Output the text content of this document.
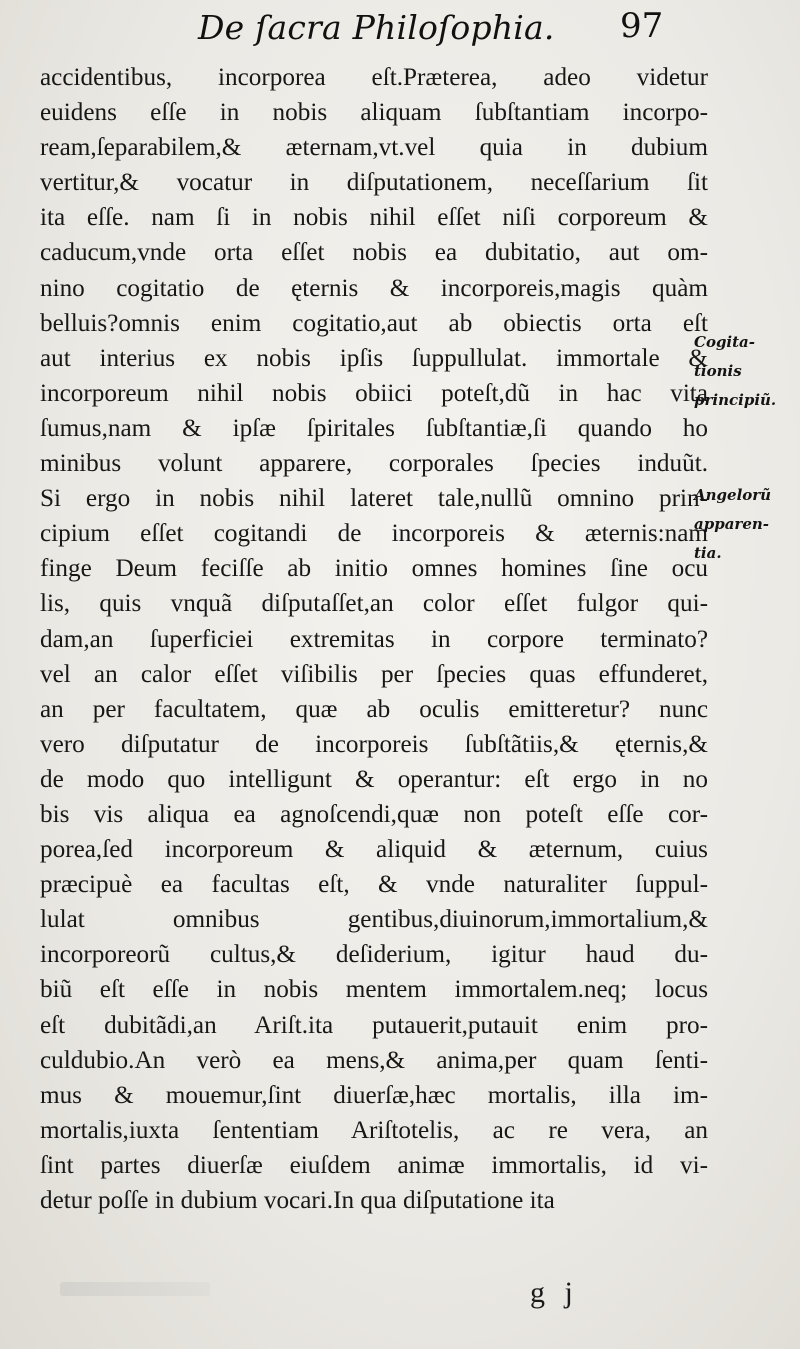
De ſacra Philoſophia. 97
accidentibus, incorporea eſt.Præterea, adeo videtur
euidens eſſe in nobis aliquam ſubſtantiam incorpo-
ream,ſeparabilem,& æternam,vt.vel quia in dubium
vertitur,& vocatur in diſputationem, neceſſarium ſit
ita eſſe. nam ſi in nobis nihil eſſet niſi corporeum &
caducum,vnde orta eſſet nobis ea dubitatio, aut om-
nino cogitatio de ęternis & incorporeis,magis quàm
belluis?omnis enim cogitatio,aut ab obiectis orta eſt
aut interius ex nobis ipſis ſuppullulat. immortale &
incorporeum nihil nobis obiici poteſt,dũ in hac vita
ſumus,nam & ipſæ ſpiritales ſubſtantiæ,ſi quando ho
minibus volunt apparere, corporales ſpecies induũt.
Si ergo in nobis nihil lateret tale,nullũ omnino prin-
cipium eſſet cogitandi de incorporeis & æternis:nam
finge Deum feciſſe ab initio omnes homines ſine ocu
lis, quis vnquã diſputaſſet,an color eſſet fulgor qui-
dam,an ſuperficiei extremitas in corpore terminato?
vel an calor eſſet viſibilis per ſpecies quas effunderet,
an per facultatem, quæ ab oculis emitteretur? nunc
vero diſputatur de incorporeis ſubſtãtiis,& ęternis,&
de modo quo intelligunt & operantur: eſt ergo in no
bis vis aliqua ea agnoſcendi,quæ non poteſt eſſe cor-
porea,ſed incorporeum & aliquid & æternum, cuius
præcipuè ea facultas eſt, & vnde naturaliter ſuppul-
lulat omnibus gentibus,diuinorum,immortalium,&
incorporeorũ cultus,& deſiderium, igitur haud du-
biũ eſt eſſe in nobis mentem immortalem.neq; locus
eſt dubitãdi,an Ariſt.ita putauerit,putauit enim pro-
culdubio.An verò ea mens,& anima,per quam ſenti-
mus & mouemur,ſint diuerſæ,hæc mortalis, illa im-
mortalis,iuxta ſententiam Ariſtotelis, ac re vera, an
ſint partes diuerſæ eiuſdem animæ immortalis, id vi-
detur poſſe in dubium vocari.In qua diſputatione ita
Cogita-
tionis
principiũ.
Angelorũ
apparen-
tia.
g j
